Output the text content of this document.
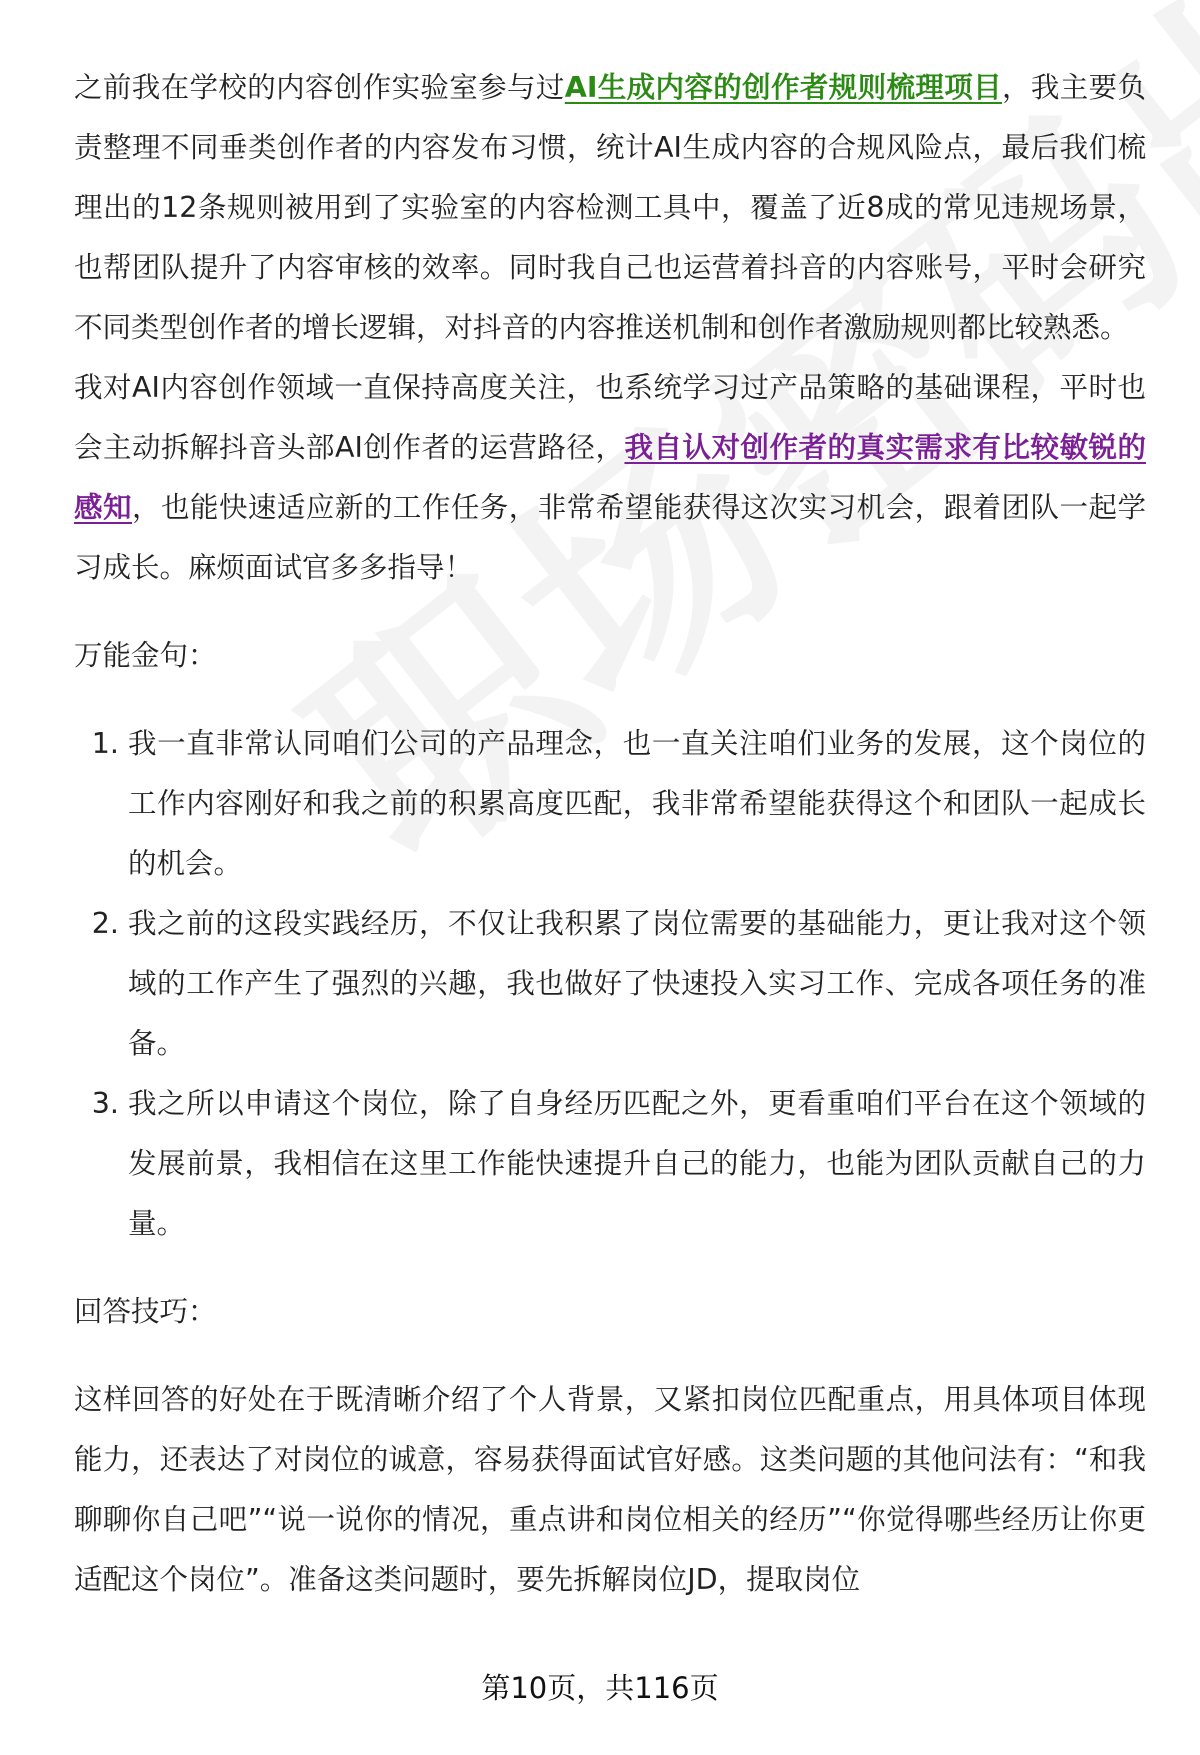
之前我在学校的内容创作实验室参与过AI生成内容的创作者规则梳理项目，我主要负责整理不同垂类创作者的内容发布习惯，统计AI生成内容的合规风险点，最后我们梳理出的12条规则被用到了实验室的内容检测工具中，覆盖了近8成的常见违规场景，也帮团队提升了内容审核的效率。同时我自己也运营着抖音的内容账号，平时会研究不同类型创作者的增长逻辑，对抖音的内容推送机制和创作者激励规则都比较熟悉。

我对AI内容创作领域一直保持高度关注，也系统学习过产品策略的基础课程，平时也会主动拆解抖音头部AI创作者的运营路径，我自认对创作者的真实需求有比较敏锐的感知，也能快速适应新的工作任务，非常希望能获得这次实习机会，跟着团队一起学习成长。麻烦面试官多多指导！

万能金句：

1. 我一直非常认同咱们公司的产品理念，也一直关注咱们业务的发展，这个岗位的工作内容刚好和我之前的积累高度匹配，我非常希望能获得这个和团队一起成长的机会。
2. 我之前的这段实践经历，不仅让我积累了岗位需要的基础能力，更让我对这个领域的工作产生了强烈的兴趣，我也做好了快速投入实习工作、完成各项任务的准备。
3. 我之所以申请这个岗位，除了自身经历匹配之外，更看重咱们平台在这个领域的发展前景，我相信在这里工作能快速提升自己的能力，也能为团队贡献自己的力量。

回答技巧：

这样回答的好处在于既清晰介绍了个人背景，又紧扣岗位匹配重点，用具体项目体现能力，还表达了对岗位的诚意，容易获得面试官好感。这类问题的其他问法有：“和我聊聊你自己吧”“说一说你的情况，重点讲和岗位相关的经历”“你觉得哪些经历让你更适配这个岗位”。准备这类问题时，要先拆解岗位JD，提取岗位

第10页，共116页
